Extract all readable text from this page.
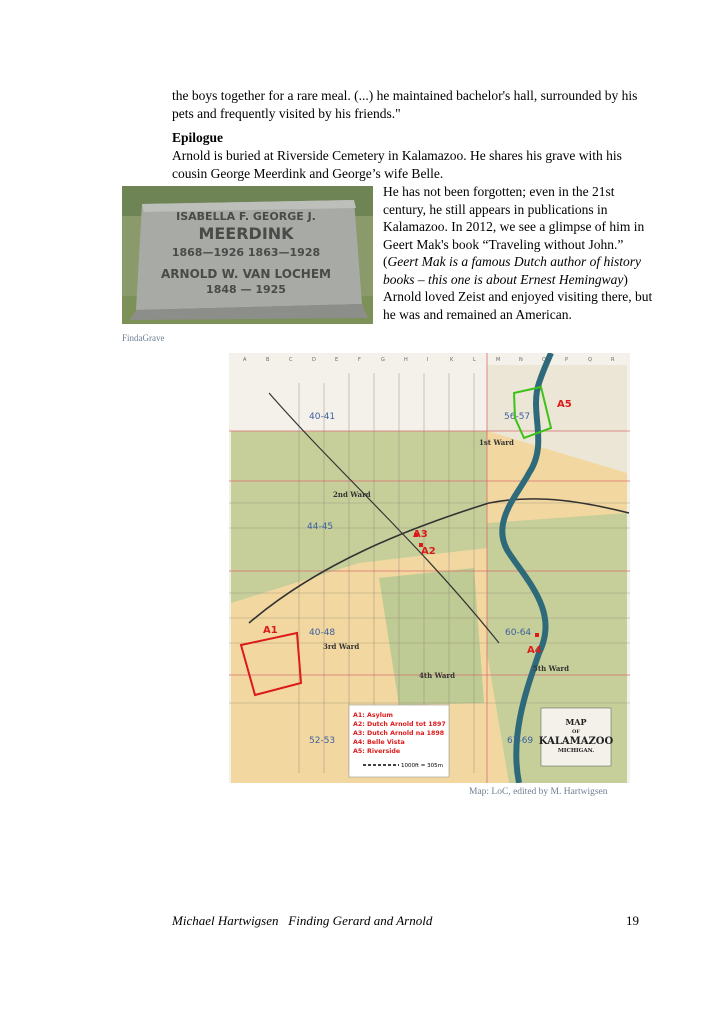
the boys together for a rare meal. (...) he maintained bachelor's hall, surrounded by his pets and frequently visited by his friends."
Epilogue
Arnold is buried at Riverside Cemetery in Kalamazoo. He shares his grave with his cousin George Meerdink and George’s wife Belle.
He has not been forgotten; even in the 21st century, he still appears in publications in Kalamazoo. In 2012, we see a glimpse of him in Geert Mak's book “Traveling without John.” (Geert Mak is a famous Dutch author of history books – this one is about Ernest Hemingway)
Arnold loved Zeist and enjoyed visiting there, but he was and remained an American.
ISABELLA F. GEORGE J.
MEERDINK
1868—1926 1863—1928
ARNOLD W. VAN LOCHEM
1848 — 1925
FindaGrave
A	B	C	D	E	F	G	H	I	K	L	M	N	O	P	Q	R
40-41	56-57
44-45
40-48	60-64
52-53	67-69
1st Ward
2nd Ward
3rd Ward
4th Ward
5th Ward
A1
A2
A3
A4
A5
A1: Asylum
A2: Dutch Arnold tot 1897
A3: Dutch Arnold na 1898
A4: Belle Vista
A5: Riverside
1000ft = 305m
MAP
OF
KALAMAZOO
MICHIGAN.
Map: LoC, edited by M. Hartwigsen
Michael Hartwigsen Finding Gerard and Arnold	19
